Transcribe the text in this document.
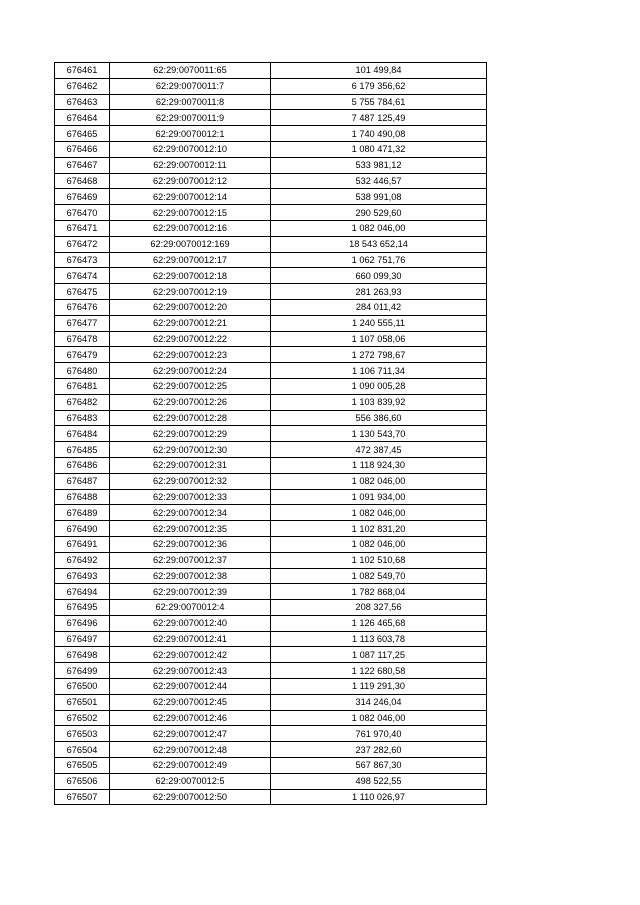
676461	62:29:0070011:65	101 499,84
676462	62:29:0070011:7	6 179 356,62
676463	62:29:0070011:8	5 755 784,61
676464	62:29:0070011:9	7 487 125,49
676465	62:29:0070012:1	1 740 490,08
676466	62:29:0070012:10	1 080 471,32
676467	62:29:0070012:11	533 981,12
676468	62:29:0070012:12	532 446,57
676469	62:29:0070012:14	538 991,08
676470	62:29:0070012:15	290 529,60
676471	62:29:0070012:16	1 082 046,00
676472	62:29:0070012:169	18 543 652,14
676473	62:29:0070012:17	1 062 751,76
676474	62:29:0070012:18	660 099,30
676475	62:29:0070012:19	281 263,93
676476	62:29:0070012:20	284 011,42
676477	62:29:0070012:21	1 240 555,11
676478	62:29:0070012:22	1 107 058,06
676479	62:29:0070012:23	1 272 798,67
676480	62:29:0070012:24	1 106 711,34
676481	62:29:0070012:25	1 090 005,28
676482	62:29:0070012:26	1 103 839,92
676483	62:29:0070012:28	556 386,60
676484	62:29:0070012:29	1 130 543,70
676485	62:29:0070012:30	472 387,45
676486	62:29:0070012:31	1 118 924,30
676487	62:29:0070012:32	1 082 046,00
676488	62:29:0070012:33	1 091 934,00
676489	62:29:0070012:34	1 082 046,00
676490	62:29:0070012:35	1 102 831,20
676491	62:29:0070012:36	1 082 046,00
676492	62:29:0070012:37	1 102 510,68
676493	62:29:0070012:38	1 082 549,70
676494	62:29:0070012:39	1 782 868,04
676495	62:29:0070012:4	208 327,56
676496	62:29:0070012:40	1 126 465,68
676497	62:29:0070012:41	1 113 603,78
676498	62:29:0070012:42	1 087 117,25
676499	62:29:0070012:43	1 122 680,58
676500	62:29:0070012:44	1 119 291,30
676501	62:29:0070012:45	314 246,04
676502	62:29:0070012:46	1 082 046,00
676503	62:29:0070012:47	761 970,40
676504	62:29:0070012:48	237 282,60
676505	62:29:0070012:49	567 867,30
676506	62:29:0070012:5	498 522,55
676507	62:29:0070012:50	1 110 026,97
